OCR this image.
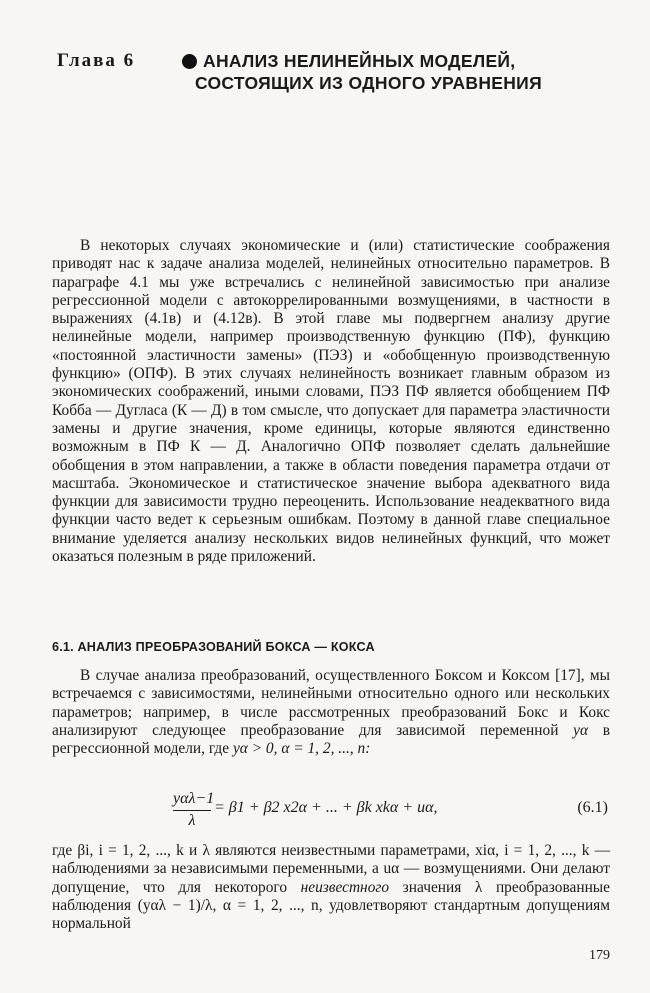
Глава 6	АНАЛИЗ НЕЛИНЕЙНЫХ МОДЕЛЕЙ,
СОСТОЯЩИХ ИЗ ОДНОГО УРАВНЕНИЯ

В некоторых случаях экономические и (или) статистические соображения приводят нас к задаче анализа моделей, нелинейных относительно параметров. В параграфе 4.1 мы уже встречались с нелинейной зависимостью при анализе регрессионной модели с автокоррелированными возмущениями, в частности в выражениях (4.1в) и (4.12в). В этой главе мы подвергнем анализу другие нелинейные модели, например производственную функцию (ПФ), функцию «постоянной эластичности замены» (ПЭЗ) и «обобщенную производственную функцию» (ОПФ). В этих случаях нелинейность возникает главным образом из экономических соображений, иными словами, ПЭЗ ПФ является обобщением ПФ Кобба — Дугласа (К — Д) в том смысле, что допускает для параметра эластичности замены и другие значения, кроме единицы, которые являются единственно возможным в ПФ К — Д. Аналогично ОПФ позволяет сделать дальнейшие обобщения в этом направлении, а также в области поведения параметра отдачи от масштаба. Экономическое и статистическое значение выбора адекватного вида функции для зависимости трудно переоценить. Использование неадекватного вида функции часто ведет к серьезным ошибкам. Поэтому в данной главе специальное внимание уделяется анализу нескольких видов нелинейных функций, что может оказаться полезным в ряде приложений.

6.1. АНАЛИЗ ПРЕОБРАЗОВАНИЙ БОКСА — КОКСА

В случае анализа преобразований, осуществленного Боксом и Коксом [17], мы встречаемся с зависимостями, нелинейными относительно одного или нескольких параметров; например, в числе рассмотренных преобразований Бокс и Кокс анализируют следующее преобразование для зависимой переменной yα в регрессионной модели, где yα > 0, α = 1, 2, ..., n:

yαλ−1
λ
= β1 + β2 x2α + ... + βk xkα + uα,	(6.1)

где βi, i = 1, 2, ..., k и λ являются неизвестными параметрами, xiα, i = 1, 2, ..., k — наблюдениями за независимыми переменными, а uα — возмущениями. Они делают допущение, что для некоторого неизвестного значения λ преобразованные наблюдения (yαλ − 1)/λ, α = 1, 2, ..., n, удовлетворяют стандартным допущениям нормальной

179
